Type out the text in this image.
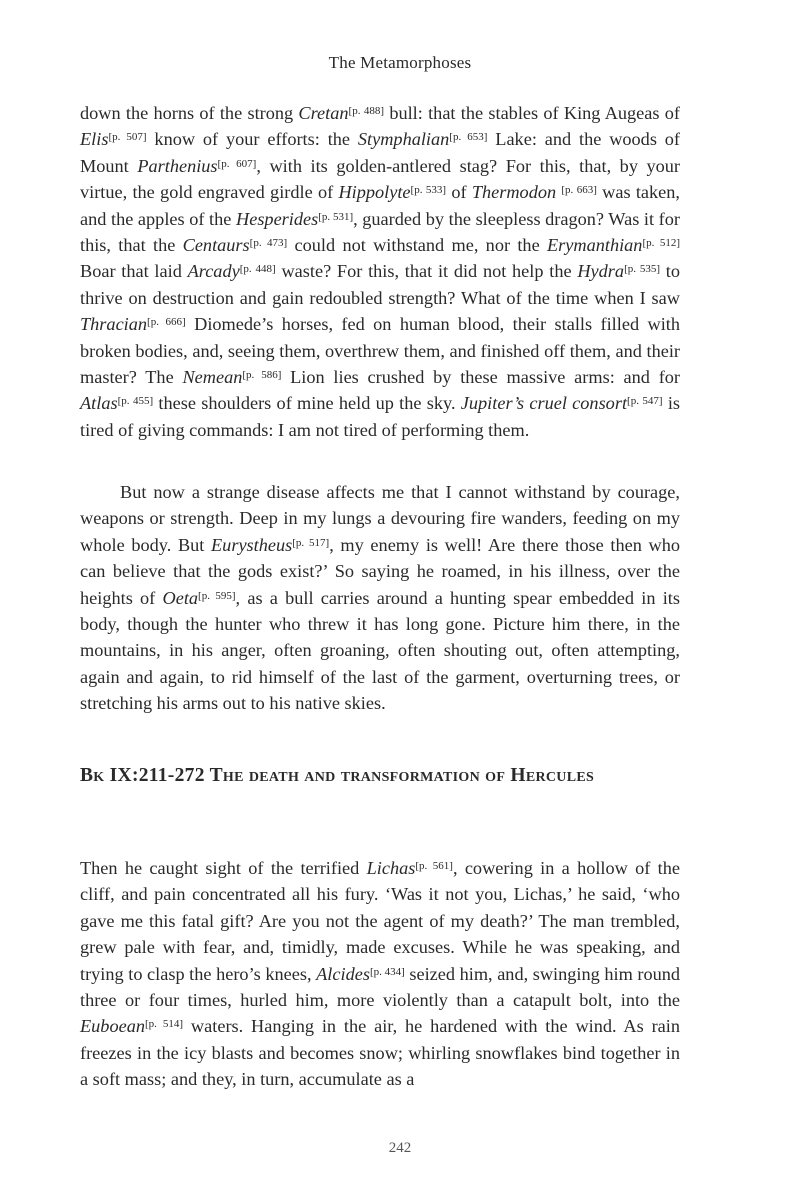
The Metamorphoses
down the horns of the strong Cretan[p. 488] bull: that the stables of King Augeas of Elis[p. 507] know of your efforts: the Stymphalian[p. 653] Lake: and the woods of Mount Parthenius[p. 607], with its golden-antlered stag? For this, that, by your virtue, the gold engraved girdle of Hippolyte[p. 533] of Thermodon [p. 663] was taken, and the apples of the Hesperides[p. 531], guarded by the sleepless dragon? Was it for this, that the Centaurs[p. 473] could not withstand me, nor the Erymanthian[p. 512] Boar that laid Arcady[p. 448] waste? For this, that it did not help the Hydra[p. 535] to thrive on destruction and gain redoubled strength? What of the time when I saw Thracian[p. 666] Diomede’s horses, fed on human blood, their stalls filled with broken bodies, and, seeing them, overthrew them, and finished off them, and their master? The Nemean[p. 586] Lion lies crushed by these massive arms: and for Atlas[p. 455] these shoulders of mine held up the sky. Jupiter’s cruel consort[p. 547] is tired of giving commands: I am not tired of performing them.
But now a strange disease affects me that I cannot withstand by courage, weapons or strength. Deep in my lungs a devouring fire wanders, feeding on my whole body. But Eurystheus[p. 517], my enemy is well! Are there those then who can believe that the gods exist?’ So saying he roamed, in his illness, over the heights of Oeta[p. 595], as a bull carries around a hunting spear embedded in its body, though the hunter who threw it has long gone. Picture him there, in the mountains, in his anger, often groaning, often shouting out, often attempting, again and again, to rid himself of the last of the garment, overturning trees, or stretching his arms out to his native skies.
Bk IX:211-272 The death and transformation of Hercules
Then he caught sight of the terrified Lichas[p. 561], cowering in a hollow of the cliff, and pain concentrated all his fury. ‘Was it not you, Lichas,’ he said, ‘who gave me this fatal gift? Are you not the agent of my death?’ The man trembled, grew pale with fear, and, timidly, made excuses. While he was speaking, and trying to clasp the hero’s knees, Alcides[p. 434] seized him, and, swinging him round three or four times, hurled him, more violently than a catapult bolt, into the Euboean[p. 514] waters. Hanging in the air, he hardened with the wind. As rain freezes in the icy blasts and becomes snow; whirling snowflakes bind together in a soft mass; and they, in turn, accumulate as a
242
